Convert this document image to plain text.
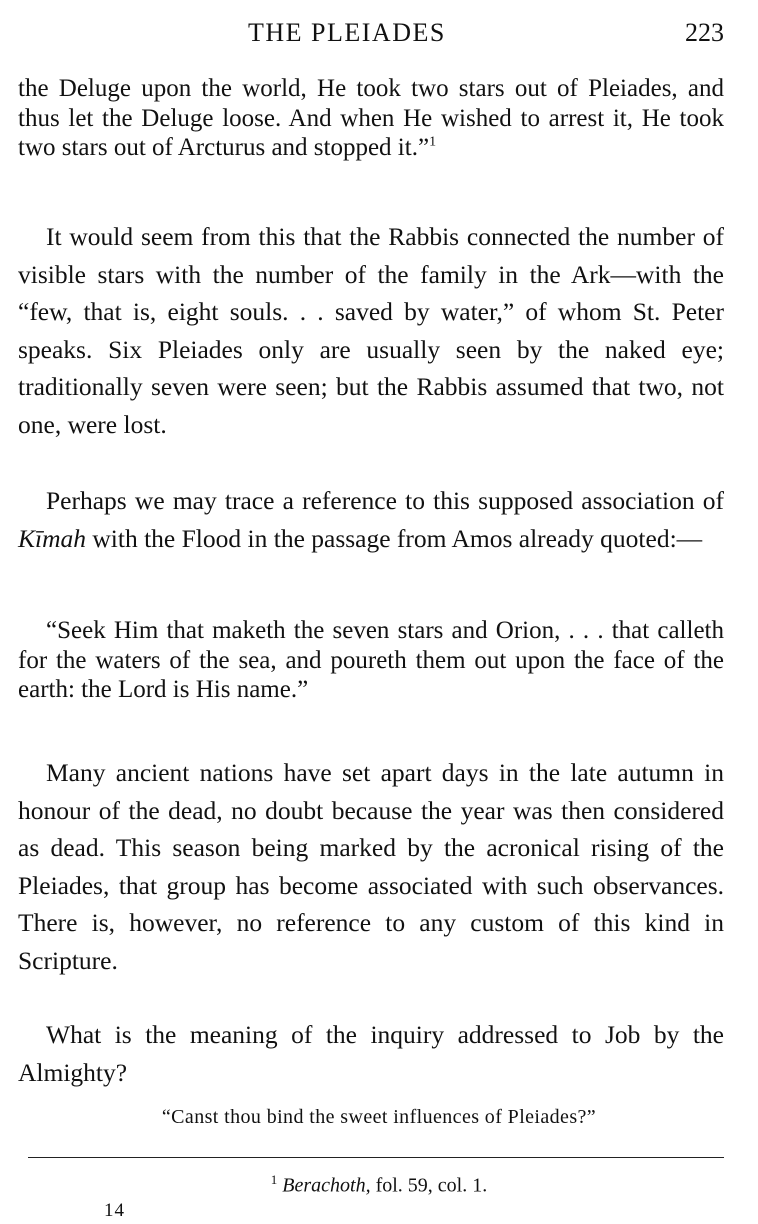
THE PLEIADES	223

the Deluge upon the world, He took two stars out of Pleiades, and thus let the Deluge loose. And when He wished to arrest it, He took two stars out of Arcturus and stopped it.”$^1$

It would seem from this that the Rabbis connected the number of visible stars with the number of the family in the Ark—with the “few, that is, eight souls. . . saved by water,” of whom St. Peter speaks. Six Pleiades only are usually seen by the naked eye; traditionally seven were seen; but the Rabbis assumed that two, not one, were lost.

Perhaps we may trace a reference to this supposed association of Kīmah with the Flood in the passage from Amos already quoted:—

“Seek Him that maketh the seven stars and Orion, . . . that calleth for the waters of the sea, and poureth them out upon the face of the earth: the Lord is His name.”

Many ancient nations have set apart days in the late autumn in honour of the dead, no doubt because the year was then considered as dead. This season being marked by the acronical rising of the Pleiades, that group has become associated with such observances. There is, however, no reference to any custom of this kind in Scripture.

What is the meaning of the inquiry addressed to Job by the Almighty?

“Canst thou bind the sweet influences of Pleiades?”
$^1$ Berachoth, fol. 59, col. 1.
14
